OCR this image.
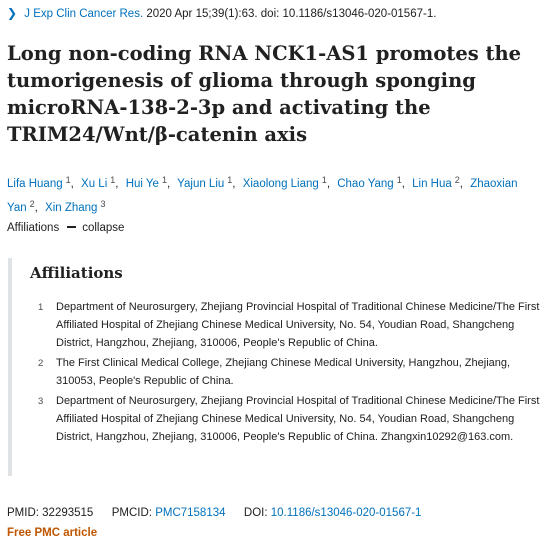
❯ J Exp Clin Cancer Res. 2020 Apr 15;39(1):63. doi: 10.1186/s13046-020-01567-1.
Long non-coding RNA NCK1-AS1 promotes the tumorigenesis of glioma through sponging microRNA-138-2-3p and activating the TRIM24/Wnt/β-catenin axis
Lifa Huang $^1$, Xu Li $^1$, Hui Ye $^1$, Yajun Liu $^1$, Xiaolong Liang $^1$, Chao Yang $^1$, Lin Hua $^2$, Zhaoxian Yan $^2$, Xin Zhang $^3$
Affiliations collapse
Affiliations
1 Department of Neurosurgery, Zhejiang Provincial Hospital of Traditional Chinese Medicine/The First Affiliated Hospital of Zhejiang Chinese Medical University, No. 54, Youdian Road, Shangcheng District, Hangzhou, Zhejiang, 310006, People's Republic of China.
2 The First Clinical Medical College, Zhejiang Chinese Medical University, Hangzhou, Zhejiang, 310053, People's Republic of China.
3 Department of Neurosurgery, Zhejiang Provincial Hospital of Traditional Chinese Medicine/The First Affiliated Hospital of Zhejiang Chinese Medical University, No. 54, Youdian Road, Shangcheng District, Hangzhou, Zhejiang, 310006, People's Republic of China. Zhangxin10292@163.com.
PMID: 32293515 PMCID: PMC7158134 DOI: 10.1186/s13046-020-01567-1
Free PMC article
